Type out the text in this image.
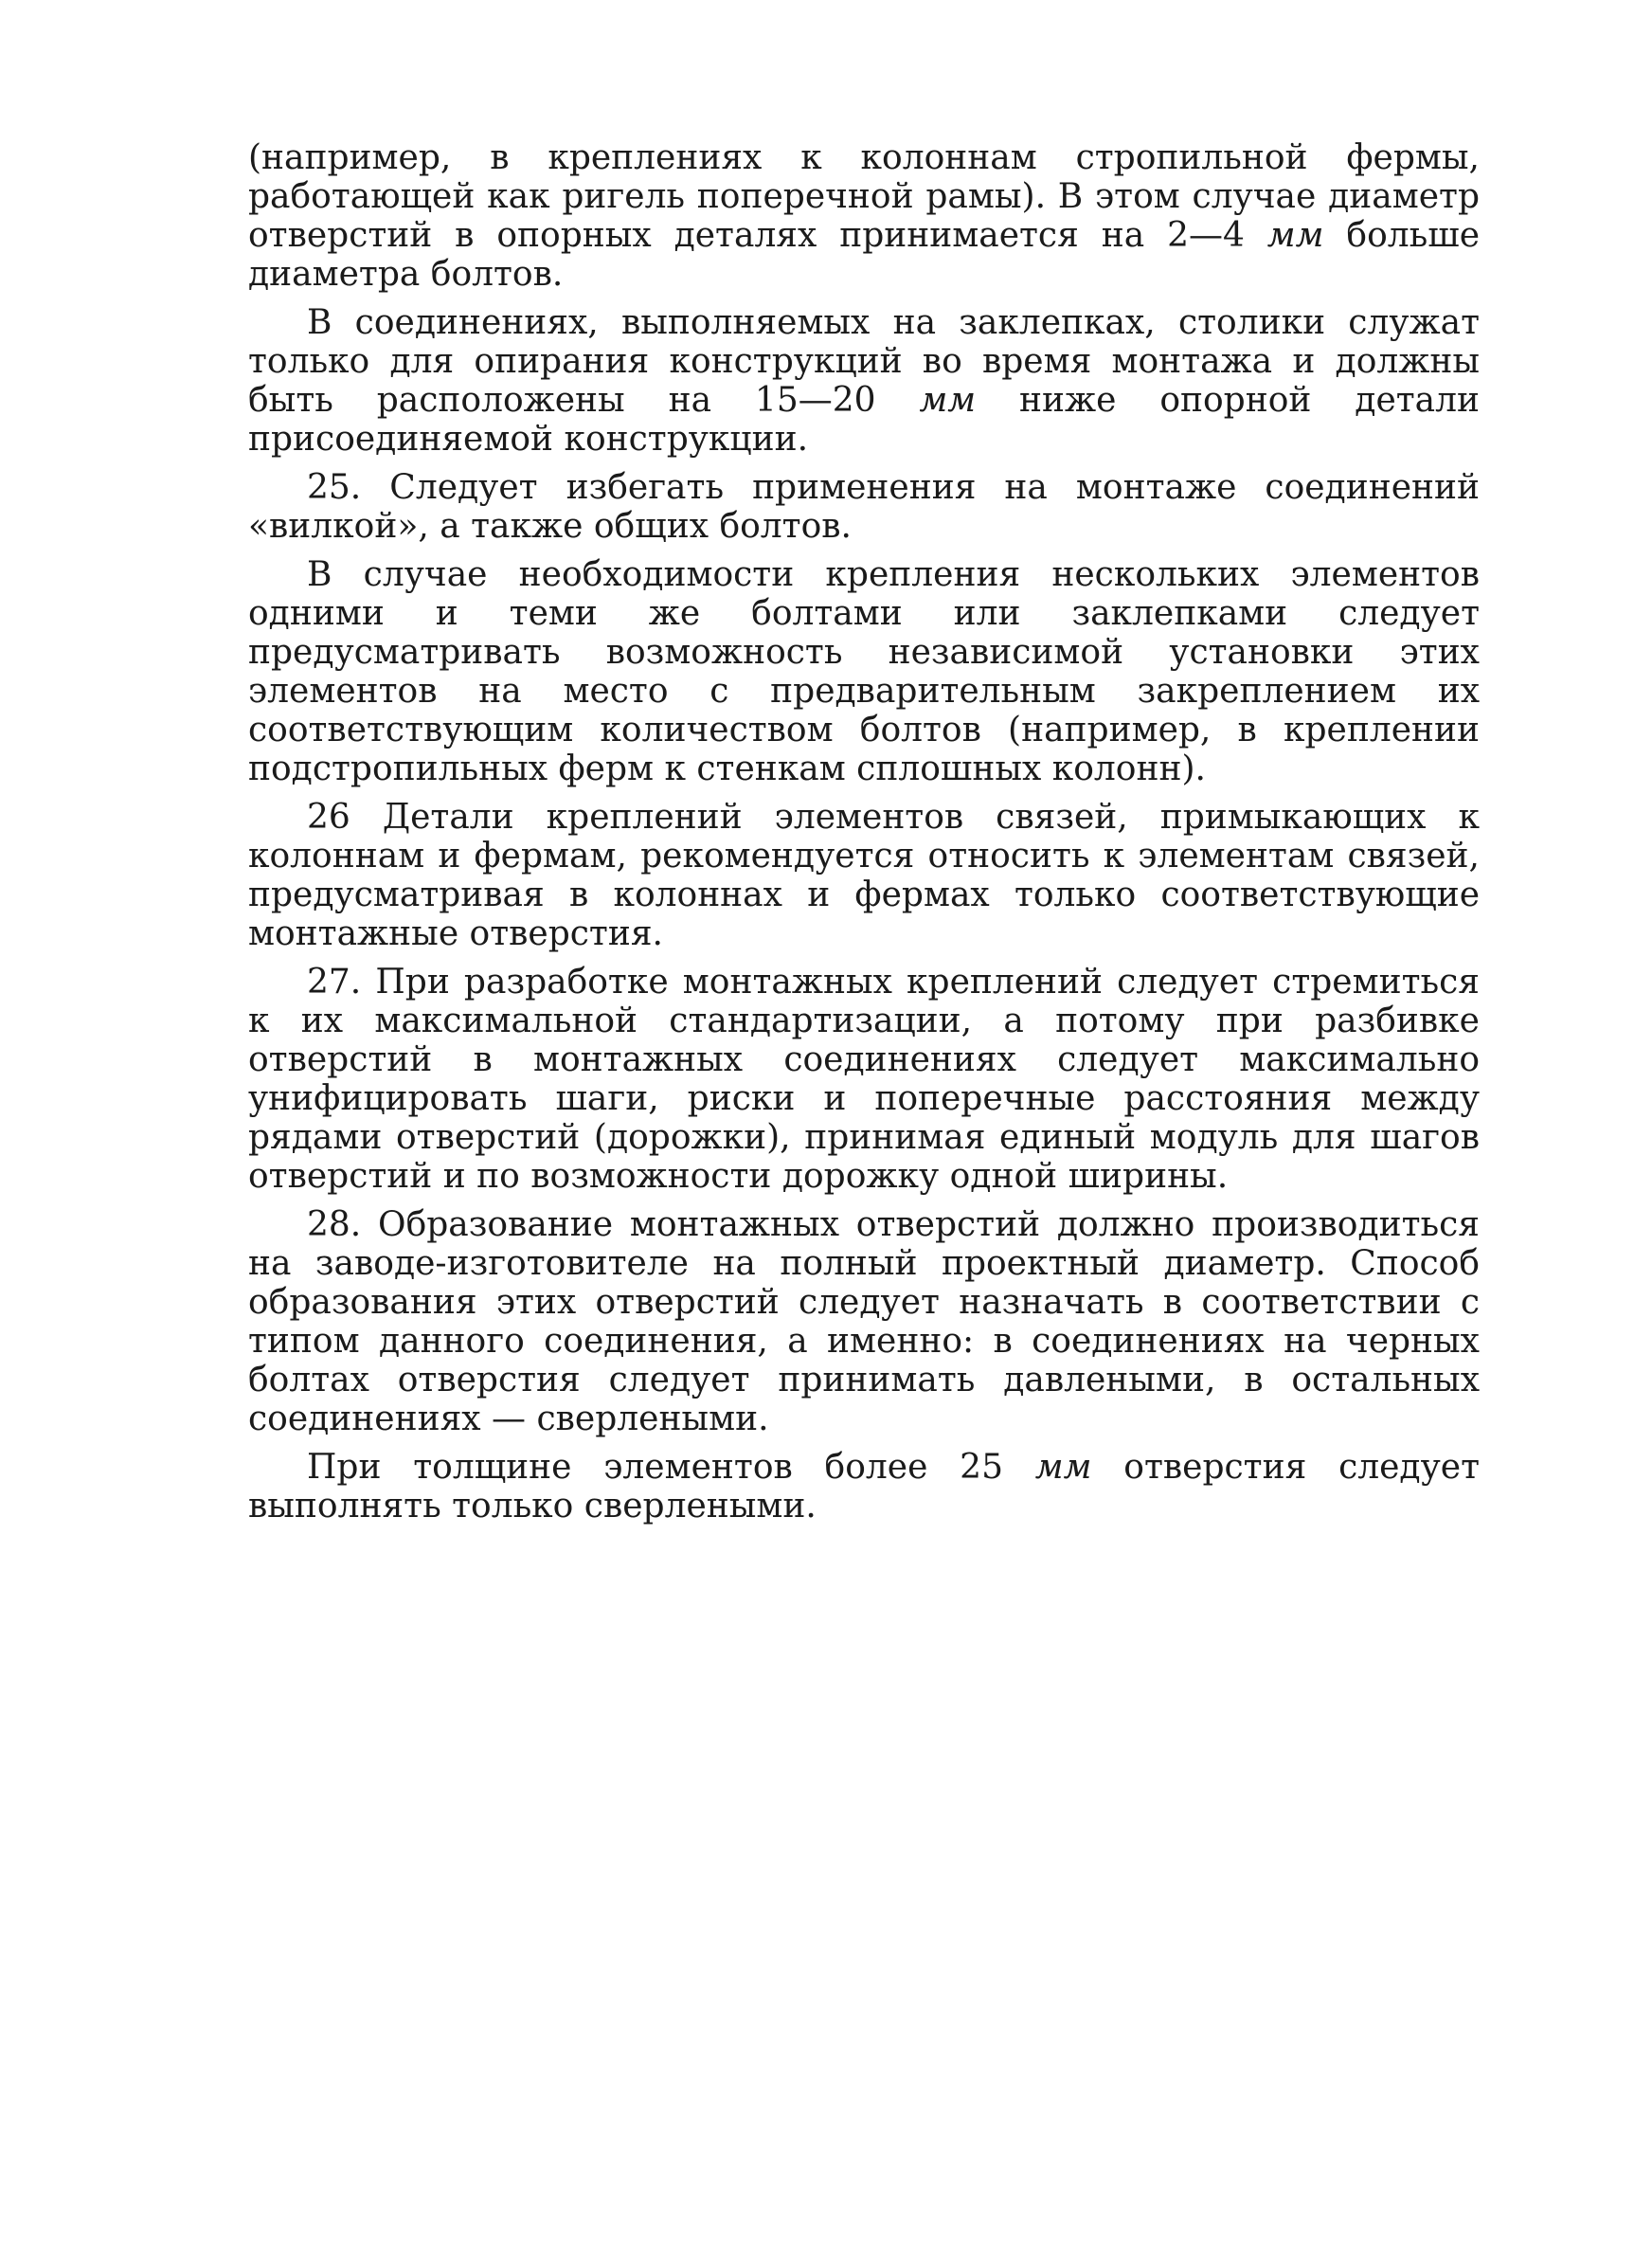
(например, в креплениях к колоннам стропильной фермы, работающей как ригель поперечной рамы). В этом случае диаметр отверстий в опорных деталях принимается на 2—4 мм больше диаметра болтов.

В соединениях, выполняемых на заклепках, столики служат только для опирания конструкций во время монтажа и должны быть расположены на 15—20 мм ниже опорной детали присоединяемой конструкции.

25. Следует избегать применения на монтаже соединений «вилкой», а также общих болтов.

В случае необходимости крепления нескольких элементов одними и теми же болтами или заклепками следует предусматривать возможность независимой установки этих элементов на место с предварительным закреплением их соответствующим количеством болтов (например, в креплении подстропильных ферм к стенкам сплошных колонн).

26 Детали креплений элементов связей, примыкающих к колоннам и фермам, рекомендуется относить к элементам связей, предусматривая в колоннах и фермах только соответствующие монтажные отверстия.

27. При разработке монтажных креплений следует стремиться к их максимальной стандартизации, а потому при разбивке отверстий в монтажных соединениях следует максимально унифицировать шаги, риски и поперечные расстояния между рядами отверстий (дорожки), принимая единый модуль для шагов отверстий и по возможности дорожку одной ширины.

28. Образование монтажных отверстий должно производиться на заводе-изготовителе на полный проектный диаметр. Способ образования этих отверстий следует назначать в соответствии с типом данного соединения, а именно: в соединениях на черных болтах отверстия следует принимать давлеными, в остальных соединениях — сверлеными.

При толщине элементов более 25 мм отверстия следует выполнять только сверлеными.
